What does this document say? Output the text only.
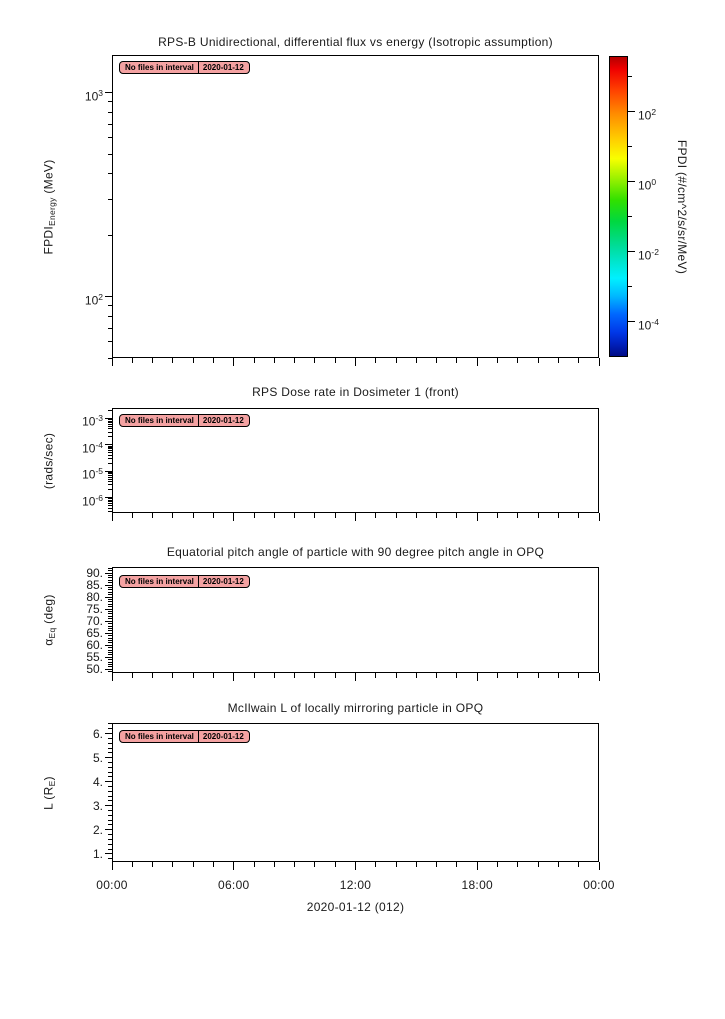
RPS-B Unidirectional, differential flux vs energy (Isotropic assumption)
$FPDI_{Energy}$ (MeV)
No files in interval 2020-01-12
RPS Dose rate in Dosimeter 1 (front)
(rads/sec)
No files in interval 2020-01-12
Equatorial pitch angle of particle with 90 degree pitch angle in OPQ
$\alpha_{Eq}$ (deg)
No files in interval 2020-01-12
McIlwain L of locally mirroring particle in OPQ
L $(R_E)$
No files in interval 2020-01-12
FPDI (#/cm^2/s/sr/MeV)
00:00	06:00	12:00	18:00	00:00
2020-01-12 (012)
$10^3$
$10^2$
$10^{-3}$
$10^{-4}$
$10^{-5}$
$10^{-6}$
90.
85.
80.
75.
70.
65.
60.
55.
50.
6.
5.
4.
3.
2.
1.
$10^2$
$10^0$
$10^{-2}$
$10^{-4}$
